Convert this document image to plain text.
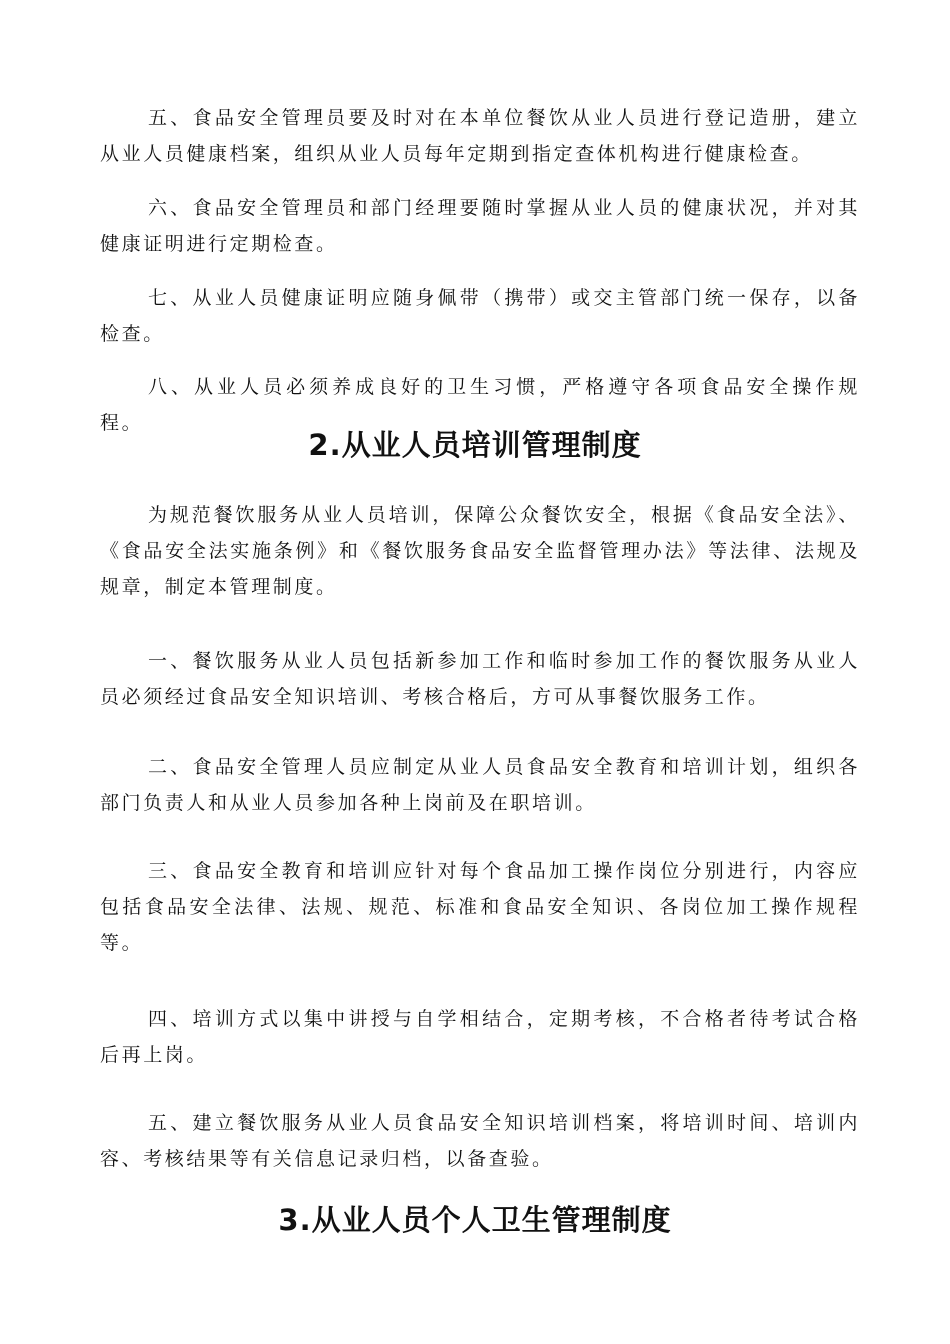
五、食品安全管理员要及时对在本单位餐饮从业人员进行登记造册，建立从业人员健康档案，组织从业人员每年定期到指定查体机构进行健康检查。

六、食品安全管理员和部门经理要随时掌握从业人员的健康状况，并对其健康证明进行定期检查。

七、从业人员健康证明应随身佩带（携带）或交主管部门统一保存，以备检查。

八、从业人员必须养成良好的卫生习惯，严格遵守各项食品安全操作规程。

2.从业人员培训管理制度

为规范餐饮服务从业人员培训，保障公众餐饮安全，根据《食品安全法》、《食品安全法实施条例》和《餐饮服务食品安全监督管理办法》等法律、法规及规章，制定本管理制度。

一、餐饮服务从业人员包括新参加工作和临时参加工作的餐饮服务从业人员必须经过食品安全知识培训、考核合格后，方可从事餐饮服务工作。

二、食品安全管理人员应制定从业人员食品安全教育和培训计划，组织各部门负责人和从业人员参加各种上岗前及在职培训。

三、食品安全教育和培训应针对每个食品加工操作岗位分别进行，内容应包括食品安全法律、法规、规范、标准和食品安全知识、各岗位加工操作规程等。

四、培训方式以集中讲授与自学相结合，定期考核，不合格者待考试合格后再上岗。

五、建立餐饮服务从业人员食品安全知识培训档案，将培训时间、培训内容、考核结果等有关信息记录归档，以备查验。

3.从业人员个人卫生管理制度
